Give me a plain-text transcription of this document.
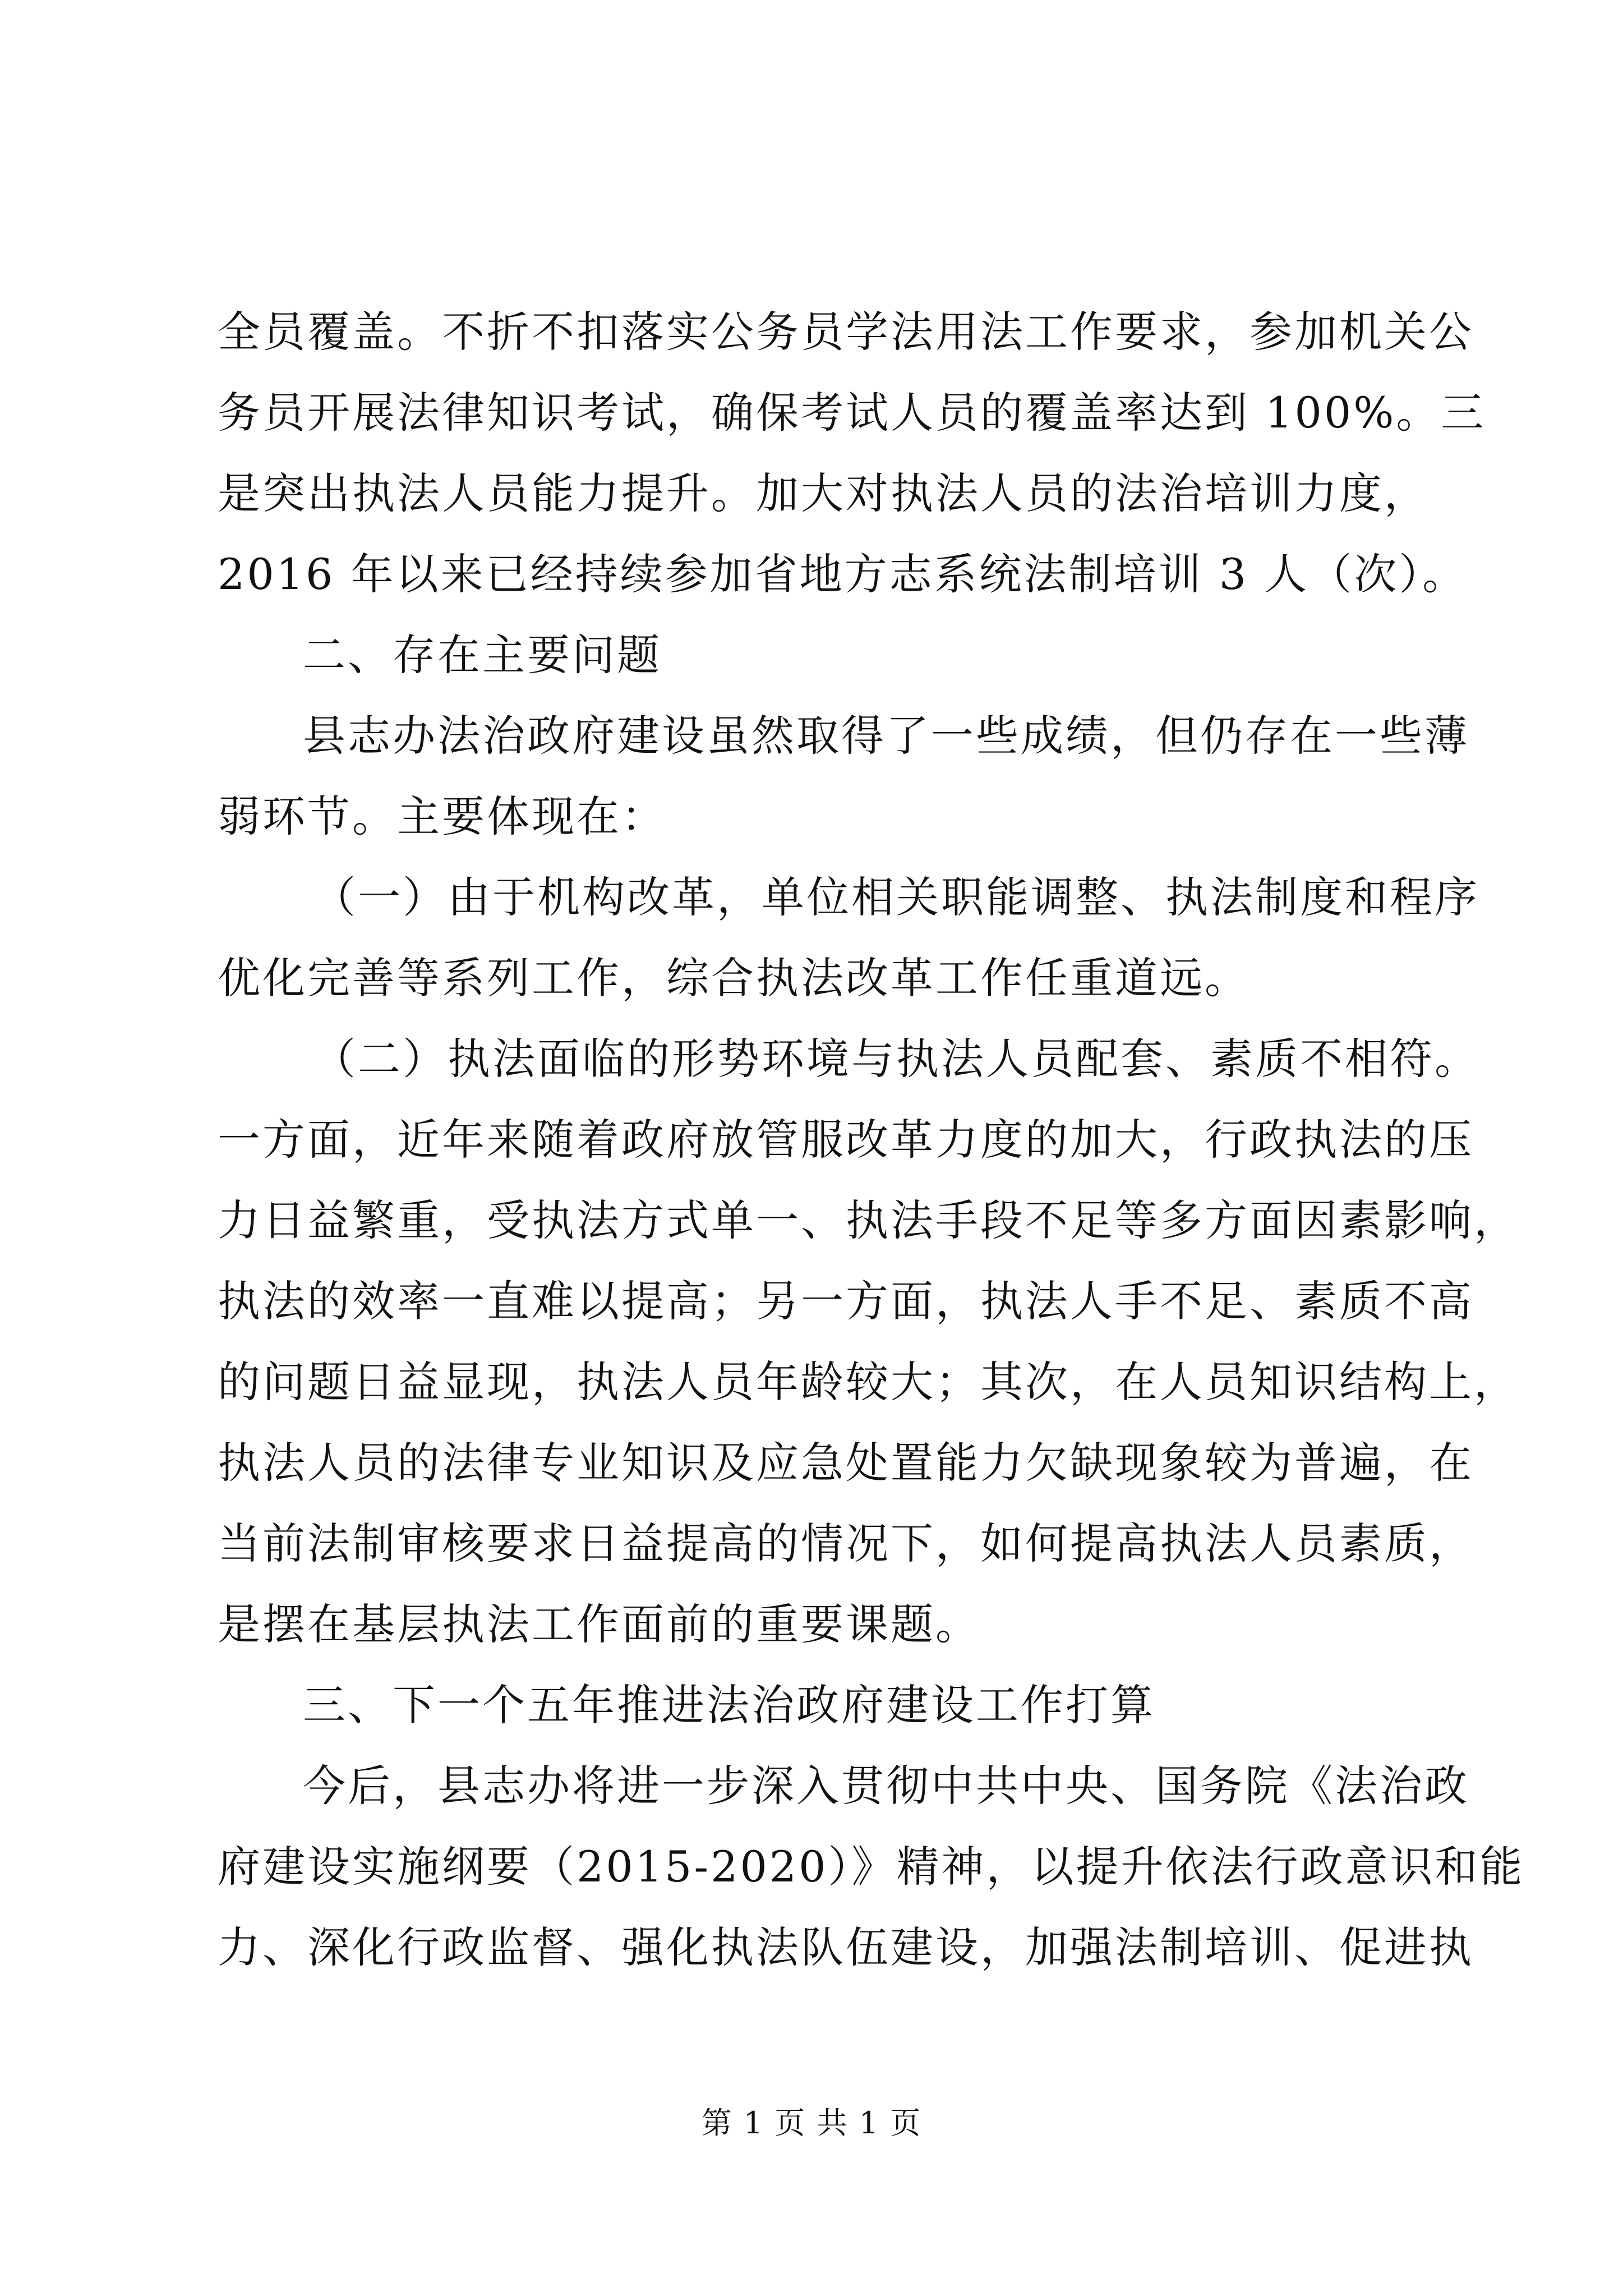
全员覆盖。不折不扣落实公务员学法用法工作要求，参加机关公
务员开展法律知识考试，确保考试人员的覆盖率达到 100%。三
是突出执法人员能力提升。加大对执法人员的法治培训力度，
2016 年以来已经持续参加省地方志系统法制培训 3 人（次）。
二、存在主要问题
县志办法治政府建设虽然取得了一些成绩，但仍存在一些薄
弱环节。主要体现在：
（一）由于机构改革，单位相关职能调整、执法制度和程序
优化完善等系列工作，综合执法改革工作任重道远。
（二）执法面临的形势环境与执法人员配套、素质不相符。
一方面，近年来随着政府放管服改革力度的加大，行政执法的压
力日益繁重，受执法方式单一、执法手段不足等多方面因素影响，
执法的效率一直难以提高；另一方面，执法人手不足、素质不高
的问题日益显现，执法人员年龄较大；其次，在人员知识结构上，
执法人员的法律专业知识及应急处置能力欠缺现象较为普遍，在
当前法制审核要求日益提高的情况下，如何提高执法人员素质，
是摆在基层执法工作面前的重要课题。
三、下一个五年推进法治政府建设工作打算
今后，县志办将进一步深入贯彻中共中央、国务院《法治政
府建设实施纲要（2015-2020）》精神，以提升依法行政意识和能
力、深化行政监督、强化执法队伍建设，加强法制培训、促进执
第 1 页 共 1 页
